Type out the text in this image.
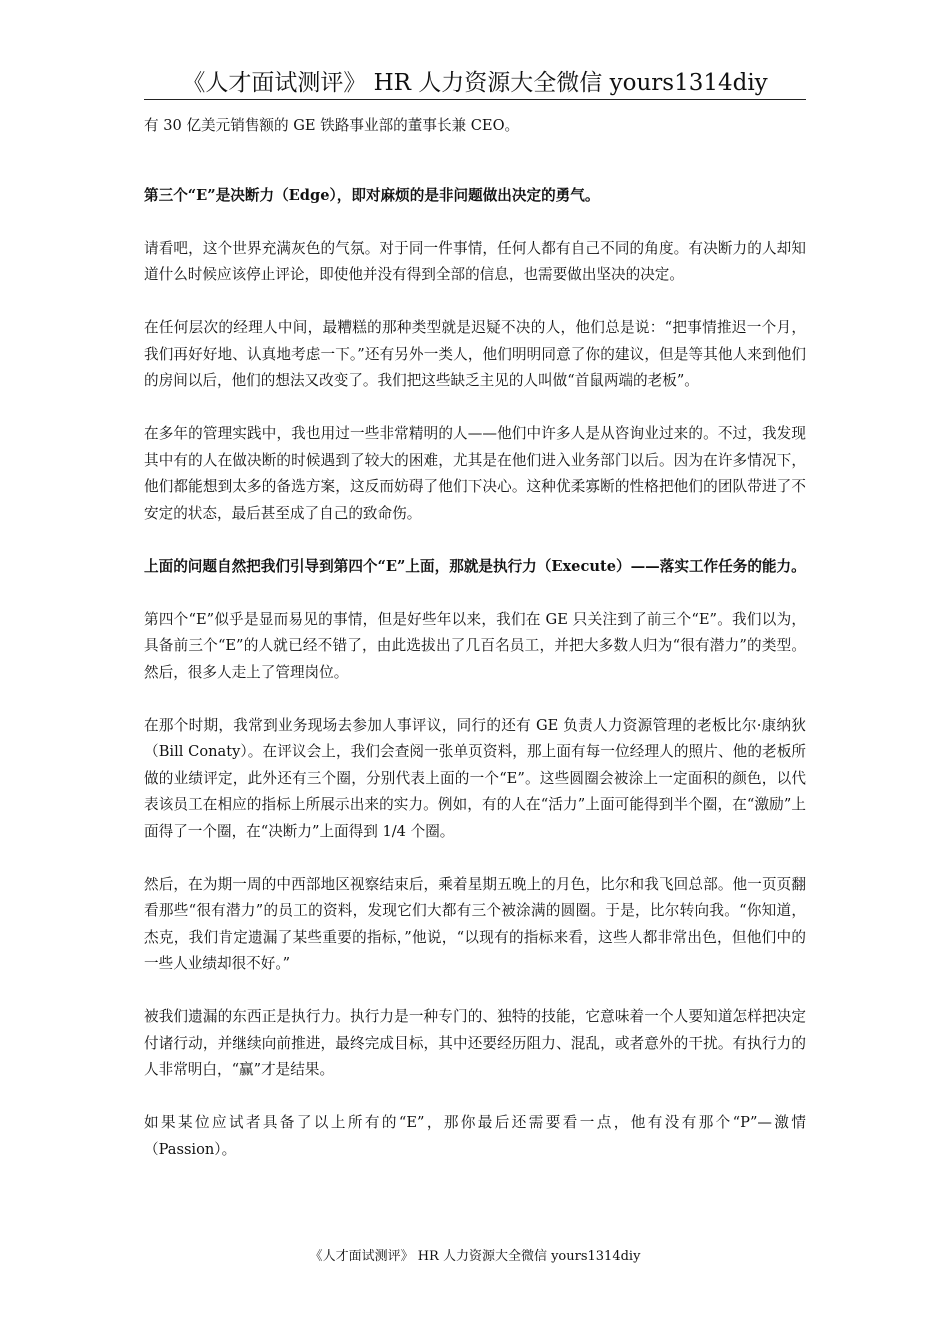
《人才面试测评》 HR 人力资源大全微信 yours1314diy

有 30 亿美元销售额的 GE 铁路事业部的董事长兼 CEO。

第三个“E”是决断力（Edge），即对麻烦的是非问题做出决定的勇气。

请看吧，这个世界充满灰色的气氛。对于同一件事情，任何人都有自己不同的角度。有决断力的人却知道什么时候应该停止评论，即使他并没有得到全部的信息，也需要做出坚决的决定。

在任何层次的经理人中间，最糟糕的那种类型就是迟疑不决的人，他们总是说：“把事情推迟一个月，我们再好好地、认真地考虑一下。”还有另外一类人，他们明明同意了你的建议，但是等其他人来到他们的房间以后，他们的想法又改变了。我们把这些缺乏主见的人叫做“首鼠两端的老板”。

在多年的管理实践中，我也用过一些非常精明的人——他们中许多人是从咨询业过来的。不过，我发现其中有的人在做决断的时候遇到了较大的困难，尤其是在他们进入业务部门以后。因为在许多情况下，他们都能想到太多的备选方案，这反而妨碍了他们下决心。这种优柔寡断的性格把他们的团队带进了不安定的状态，最后甚至成了自己的致命伤。

上面的问题自然把我们引导到第四个“E”上面，那就是执行力（Execute）——落实工作任务的能力。

第四个“E”似乎是显而易见的事情，但是好些年以来，我们在 GE 只关注到了前三个“E”。我们以为，具备前三个“E”的人就已经不错了，由此选拔出了几百名员工，并把大多数人归为“很有潜力”的类型。然后，很多人走上了管理岗位。

在那个时期，我常到业务现场去参加人事评议，同行的还有 GE 负责人力资源管理的老板比尔·康纳狄（Bill Conaty）。在评议会上，我们会查阅一张单页资料，那上面有每一位经理人的照片、他的老板所做的业绩评定，此外还有三个圈，分别代表上面的一个“E”。这些圆圈会被涂上一定面积的颜色，以代表该员工在相应的指标上所展示出来的实力。例如，有的人在“活力”上面可能得到半个圈，在“激励”上面得了一个圈，在“决断力”上面得到 1/4 个圈。

然后，在为期一周的中西部地区视察结束后，乘着星期五晚上的月色，比尔和我飞回总部。他一页页翻看那些“很有潜力”的员工的资料，发现它们大都有三个被涂满的圆圈。于是，比尔转向我。“你知道，杰克，我们肯定遗漏了某些重要的指标，”他说，“以现有的指标来看，这些人都非常出色，但他们中的一些人业绩却很不好。”

被我们遗漏的东西正是执行力。执行力是一种专门的、独特的技能，它意味着一个人要知道怎样把决定付诸行动，并继续向前推进，最终完成目标，其中还要经历阻力、混乱，或者意外的干扰。有执行力的人非常明白，“赢”才是结果。

如果某位应试者具备了以上所有的“E”，那你最后还需要看一点，他有没有那个“P”—激情（Passion）。

《人才面试测评》 HR 人力资源大全微信 yours1314diy
